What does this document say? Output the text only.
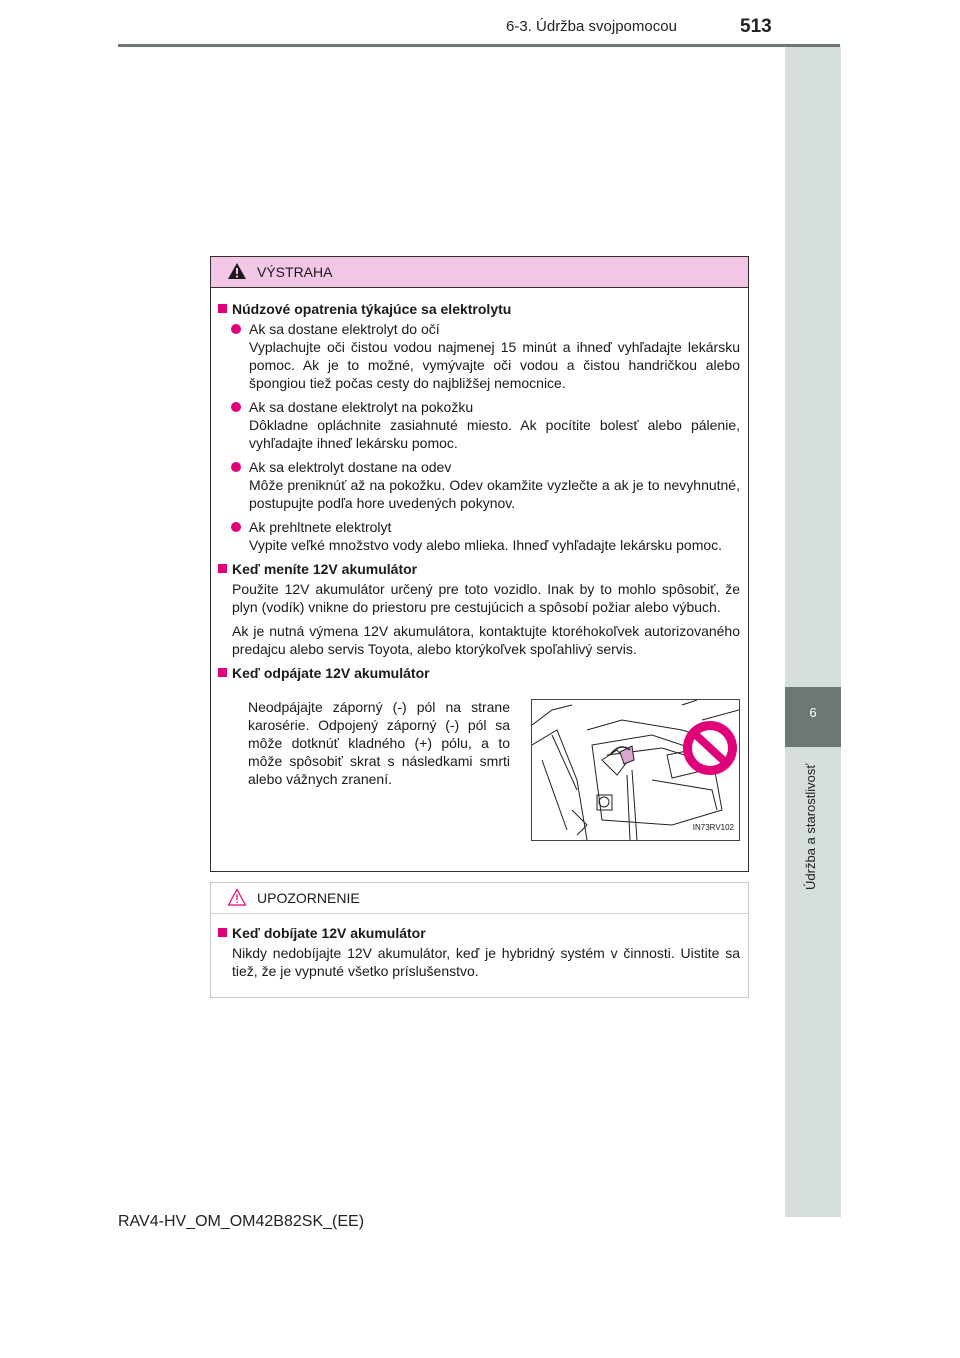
6-3. Údržba svojpomocou	513
6
Údržba a starostlivosť
VÝSTRAHA
Núdzové opatrenia týkajúce sa elektrolytu

Ak sa dostane elektrolyt do očí

Vyplachujte oči čistou vodou najmenej 15 minút a ihneď vyhľadajte lekársku pomoc. Ak je to možné, vymývajte oči vodou a čistou handričkou alebo špongiou tiež počas cesty do najbližšej nemocnice.

Ak sa dostane elektrolyt na pokožku

Dôkladne opláchnite zasiahnuté miesto. Ak pocítite bolesť alebo pálenie, vyhľadajte ihneď lekársku pomoc.

Ak sa elektrolyt dostane na odev

Môže preniknúť až na pokožku. Odev okamžite vyzlečte a ak je to nevyhnutné, postupujte podľa hore uvedených pokynov.

Ak prehltnete elektrolyt

Vypite veľké množstvo vody alebo mlieka. Ihneď vyhľadajte lekársku pomoc.

Keď meníte 12V akumulátor

Použite 12V akumulátor určený pre toto vozidlo. Inak by to mohlo spôsobiť, že plyn (vodík) vnikne do priestoru pre cestujúcich a spôsobí požiar alebo výbuch.

Ak je nutná výmena 12V akumulátora, kontaktujte ktoréhokoľvek autorizovaného predajcu alebo servis Toyota, alebo ktorýkoľvek spoľahlivý servis.

Keď odpájate 12V akumulátor
Neodpájajte záporný (-) pól na strane karosérie. Odpojený záporný (-) pól sa môže dotknúť kladného (+) pólu, a to môže spôsobiť skrat s následkami smrti alebo vážnych zranení.
IN73RV102
UPOZORNENIE
Keď dobíjate 12V akumulátor

Nikdy nedobíjajte 12V akumulátor, keď je hybridný systém v činnosti. Uistite sa tiež, že je vypnuté všetko príslušenstvo.

RAV4-HV_OM_OM42B82SK_(EE)
